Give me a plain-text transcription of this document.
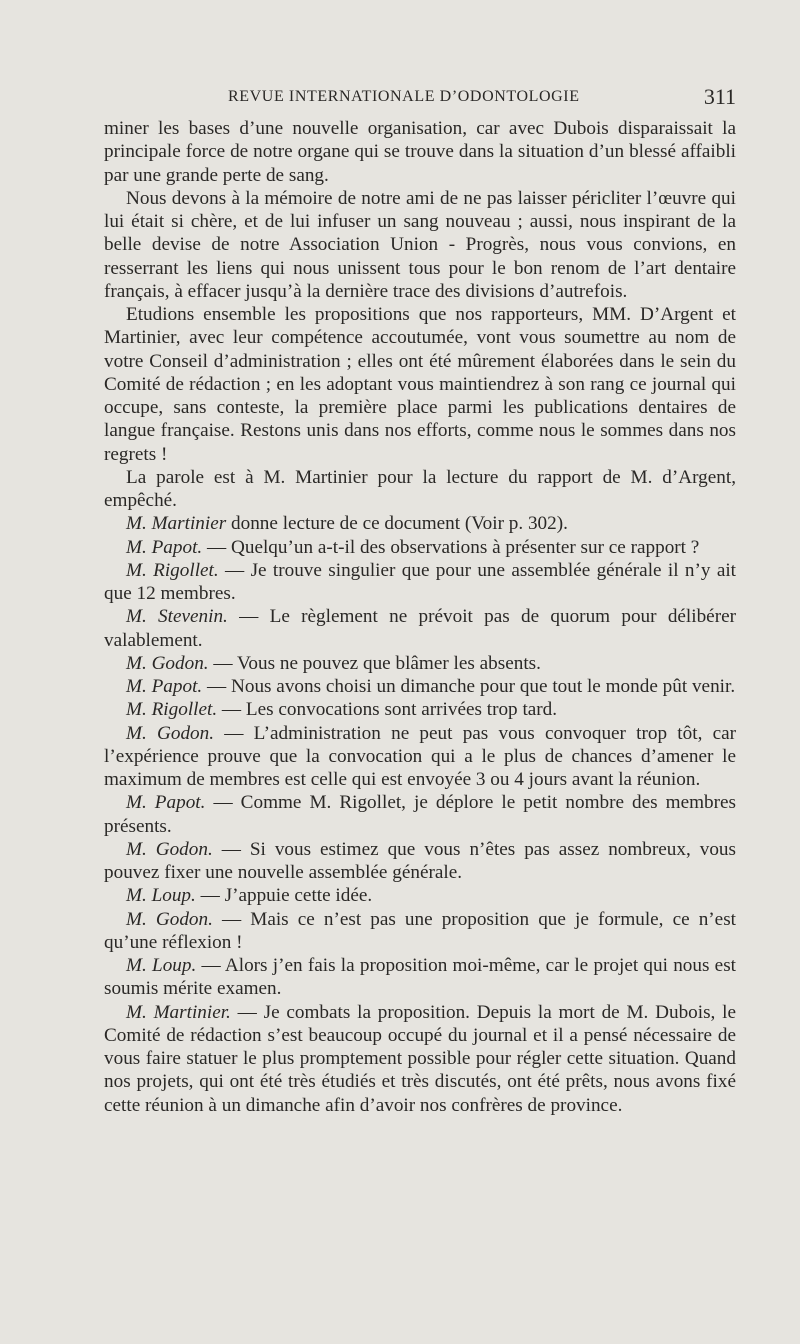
REVUE INTERNATIONALE D’ODONTOLOGIE	311

miner les bases d’une nouvelle organisation, car avec Dubois disparaissait la principale force de notre organe qui se trouve dans la situation d’un blessé affaibli par une grande perte de sang.

Nous devons à la mémoire de notre ami de ne pas laisser péricliter l’œuvre qui lui était si chère, et de lui infuser un sang nouveau ; aussi, nous inspirant de la belle devise de notre Association Union - Progrès, nous vous convions, en resserrant les liens qui nous unissent tous pour le bon renom de l’art dentaire français, à effacer jusqu’à la dernière trace des divisions d’autrefois.

Etudions ensemble les propositions que nos rapporteurs, MM. D’Argent et Martinier, avec leur compétence accoutumée, vont vous soumettre au nom de votre Conseil d’administration ; elles ont été mûrement élaborées dans le sein du Comité de rédaction ; en les adoptant vous maintiendrez à son rang ce journal qui occupe, sans conteste, la première place parmi les publications dentaires de langue française. Restons unis dans nos efforts, comme nous le sommes dans nos regrets !

La parole est à M. Martinier pour la lecture du rapport de M. d’Argent, empêché.

M. Martinier donne lecture de ce document (Voir p. 302).

M. Papot. — Quelqu’un a-t-il des observations à présenter sur ce rapport ?

M. Rigollet. — Je trouve singulier que pour une assemblée générale il n’y ait que 12 membres.

M. Stevenin. — Le règlement ne prévoit pas de quorum pour délibérer valablement.

M. Godon. — Vous ne pouvez que blâmer les absents.

M. Papot. — Nous avons choisi un dimanche pour que tout le monde pût venir.

M. Rigollet. — Les convocations sont arrivées trop tard.

M. Godon. — L’administration ne peut pas vous convoquer trop tôt, car l’expérience prouve que la convocation qui a le plus de chances d’amener le maximum de membres est celle qui est envoyée 3 ou 4 jours avant la réunion.

M. Papot. — Comme M. Rigollet, je déplore le petit nombre des membres présents.

M. Godon. — Si vous estimez que vous n’êtes pas assez nombreux, vous pouvez fixer une nouvelle assemblée générale.

M. Loup. — J’appuie cette idée.

M. Godon. — Mais ce n’est pas une proposition que je formule, ce n’est qu’une réflexion !

M. Loup. — Alors j’en fais la proposition moi-même, car le projet qui nous est soumis mérite examen.

M. Martinier. — Je combats la proposition. Depuis la mort de M. Dubois, le Comité de rédaction s’est beaucoup occupé du journal et il a pensé nécessaire de vous faire statuer le plus promptement possible pour régler cette situation. Quand nos projets, qui ont été très étudiés et très discutés, ont été prêts, nous avons fixé cette réunion à un dimanche afin d’avoir nos confrères de province.
